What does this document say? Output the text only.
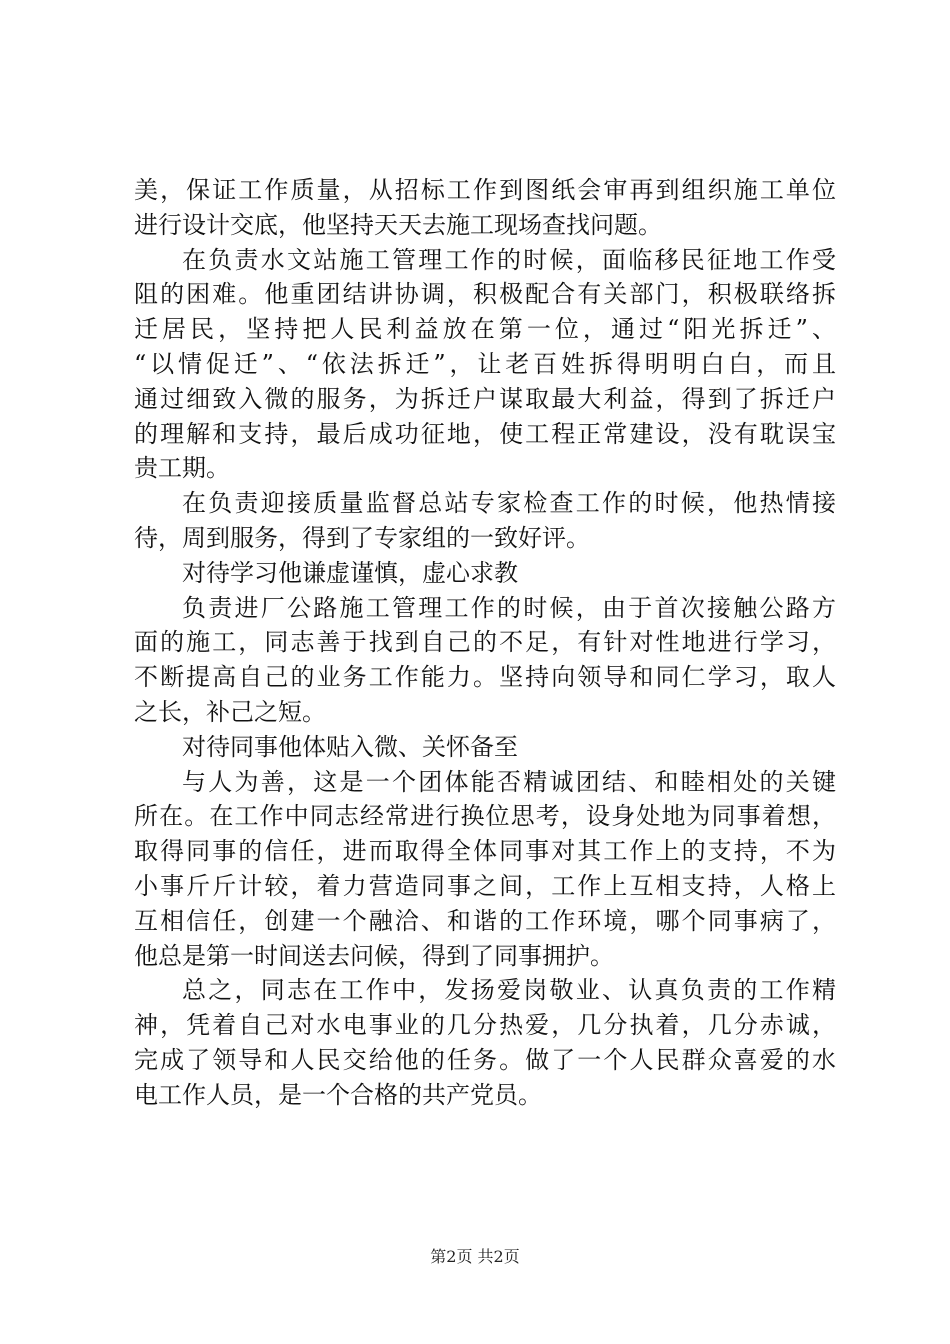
美，保证工作质量，从招标工作到图纸会审再到组织施工单位
进行设计交底，他坚持天天去施工现场查找问题。
在负责水文站施工管理工作的时候，面临移民征地工作受
阻的困难。他重团结讲协调，积极配合有关部门，积极联络拆
迁居民，坚持把人民利益放在第一位，通过“阳光拆迁”、
“以情促迁”、“依法拆迁”，让老百姓拆得明明白白，而且
通过细致入微的服务，为拆迁户谋取最大利益，得到了拆迁户
的理解和支持，最后成功征地，使工程正常建设，没有耽误宝
贵工期。
在负责迎接质量监督总站专家检查工作的时候，他热情接
待，周到服务，得到了专家组的一致好评。
对待学习他谦虚谨慎，虚心求教
负责进厂公路施工管理工作的时候，由于首次接触公路方
面的施工，同志善于找到自己的不足，有针对性地进行学习，
不断提高自己的业务工作能力。坚持向领导和同仁学习，取人
之长，补己之短。
对待同事他体贴入微、关怀备至
与人为善，这是一个团体能否精诚团结、和睦相处的关键
所在。在工作中同志经常进行换位思考，设身处地为同事着想，
取得同事的信任，进而取得全体同事对其工作上的支持，不为
小事斤斤计较，着力营造同事之间，工作上互相支持，人格上
互相信任，创建一个融洽、和谐的工作环境，哪个同事病了，
他总是第一时间送去问候，得到了同事拥护。
总之，同志在工作中，发扬爱岗敬业、认真负责的工作精
神，凭着自己对水电事业的几分热爱，几分执着，几分赤诚，
完成了领导和人民交给他的任务。做了一个人民群众喜爱的水
电工作人员，是一个合格的共产党员。
第2页 共2页
